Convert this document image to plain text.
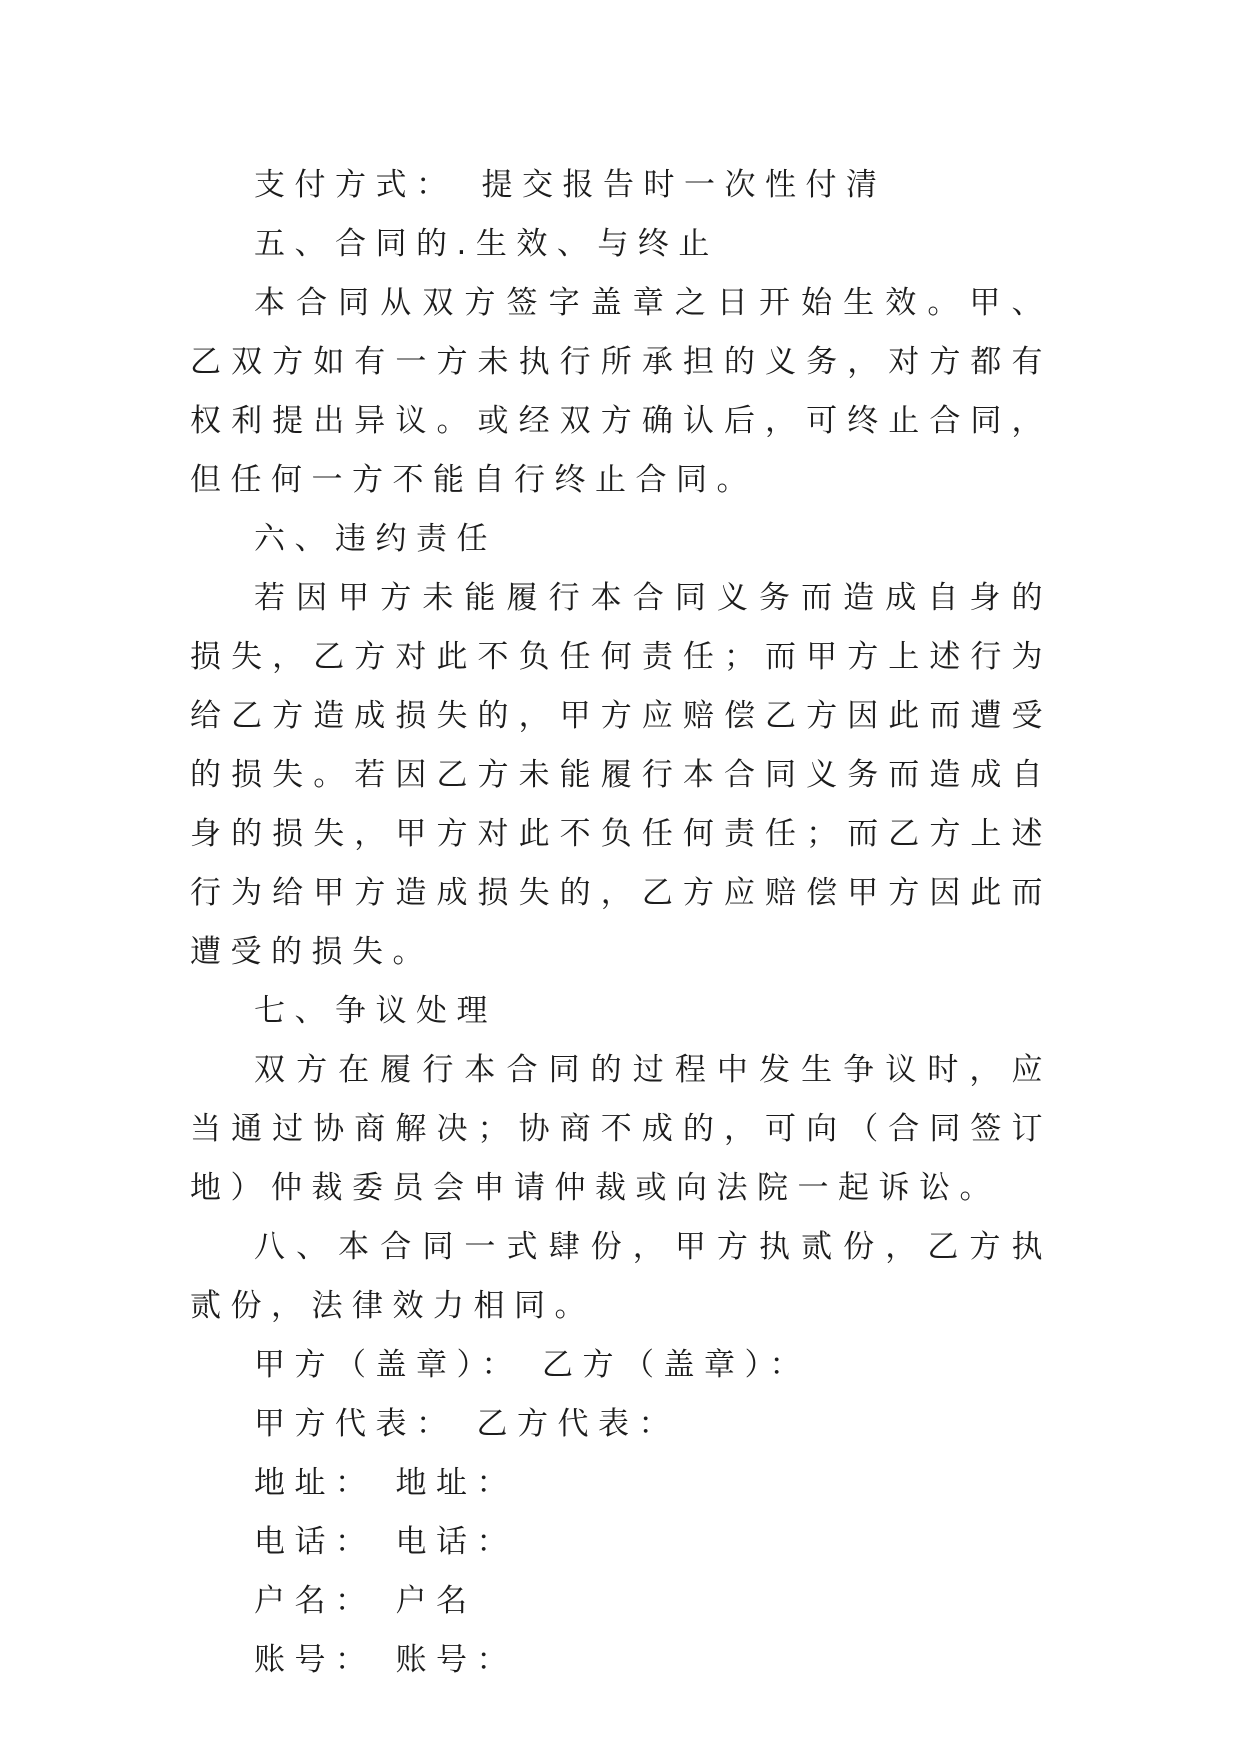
支付方式：　提交报告时一次性付清

五、合同的.生效、与终止

本合同从双方签字盖章之日开始生效。甲、乙双方如有一方未执行所承担的义务，对方都有权利提出异议。或经双方确认后，可终止合同，但任何一方不能自行终止合同。

六、违约责任

若因甲方未能履行本合同义务而造成自身的损失，乙方对此不负任何责任；而甲方上述行为给乙方造成损失的，甲方应赔偿乙方因此而遭受的损失。若因乙方未能履行本合同义务而造成自身的损失，甲方对此不负任何责任；而乙方上述行为给甲方造成损失的，乙方应赔偿甲方因此而遭受的损失。

七、争议处理

双方在履行本合同的过程中发生争议时，应当通过协商解决；协商不成的，可向（合同签订地）仲裁委员会申请仲裁或向法院一起诉讼。

八、本合同一式肆份，甲方执贰份，乙方执贰份，法律效力相同。

甲方（盖章）： 乙方（盖章）：
甲方代表： 乙方代表：
地址： 地址：
电话： 电话：
户名： 户名
账号： 账号：
